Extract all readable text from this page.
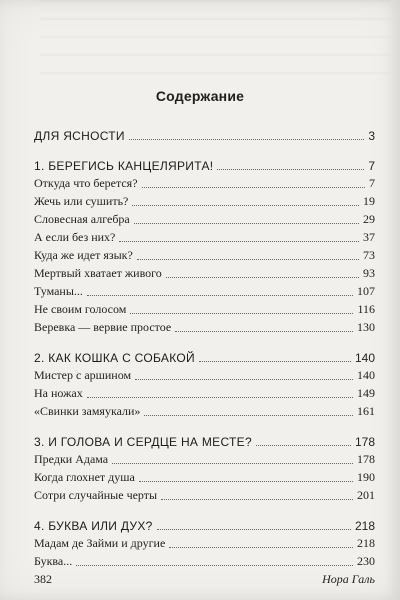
Содержание
ДЛЯ ЯСНОСТИ	3
1. БЕРЕГИСЬ КАНЦЕЛЯРИТА!	7
Откуда что берется?	7
Жечь или сушить?	19
Словесная алгебра	29
А если без них?	37
Куда же идет язык?	73
Мертвый хватает живого	93
Туманы...	107
Не своим голосом	116
Веревка — вервие простое	130
2. КАК КОШКА С СОБАКОЙ	140
Мистер с аршином	140
На ножах	149
«Свинки замяукали»	161
3. И ГОЛОВА И СЕРДЦЕ НА МЕСТЕ?	178
Предки Адама	178
Когда глохнет душа	190
Сотри случайные черты	201
4. БУКВА ИЛИ ДУХ?	218
Мадам де Займи и другие	218
Буква...	230
382	Нора Галь
